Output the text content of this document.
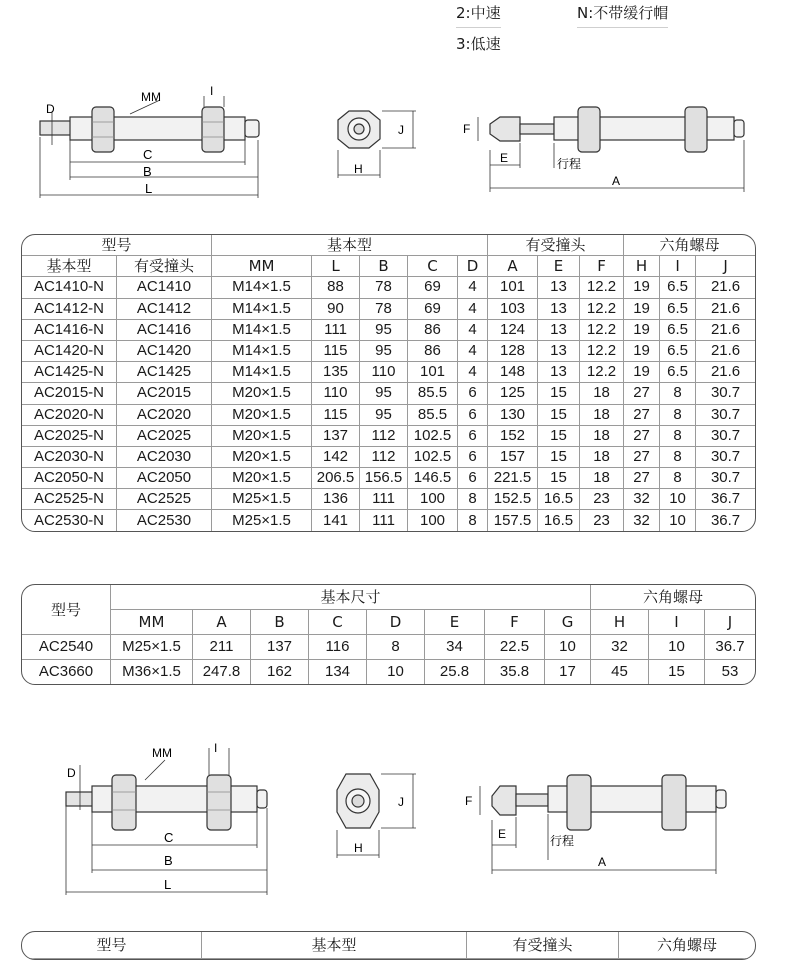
2:中速	N:不带缓行帽
3:低速
D
MM	I
C
B
L
J
H
F
E	行程
A
型号		基本型					有受撞头			六角螺母		
基本型	有受撞头	MM	L	B	C	D	A	E	F	H	I	J
AC1410-N	AC1410	M14×1.5	88	78	69	4	101	13	12.2	19	6.5	21.6
AC1412-N	AC1412	M14×1.5	90	78	69	4	103	13	12.2	19	6.5	21.6
AC1416-N	AC1416	M14×1.5	111	95	86	4	124	13	12.2	19	6.5	21.6
AC1420-N	AC1420	M14×1.5	115	95	86	4	128	13	12.2	19	6.5	21.6
AC1425-N	AC1425	M14×1.5	135	110	101	4	148	13	12.2	19	6.5	21.6
AC2015-N	AC2015	M20×1.5	110	95	85.5	6	125	15	18	27	8	30.7
AC2020-N	AC2020	M20×1.5	115	95	85.5	6	130	15	18	27	8	30.7
AC2025-N	AC2025	M20×1.5	137	112	102.5	6	152	15	18	27	8	30.7
AC2030-N	AC2030	M20×1.5	142	112	102.5	6	157	15	18	27	8	30.7
AC2050-N	AC2050	M20×1.5	206.5	156.5	146.5	6	221.5	15	18	27	8	30.7
AC2525-N	AC2525	M25×1.5	136	111	100	8	152.5	16.5	23	32	10	36.7
AC2530-N	AC2530	M25×1.5	141	111	100	8	157.5	16.5	23	32	10	36.7
型号	基本尺寸								六角螺母		
	MM	A	B	C	D	E	F	G	H	I	J
AC2540	M25×1.5	211	137	116	8	34	22.5	10	32	10	36.7
AC3660	M36×1.5	247.8	162	134	10	25.8	35.8	17	45	15	53
D
MM	I
C
B
L
J
H
F
E	行程
A
型号	基本型	有受撞头	六角螺母
